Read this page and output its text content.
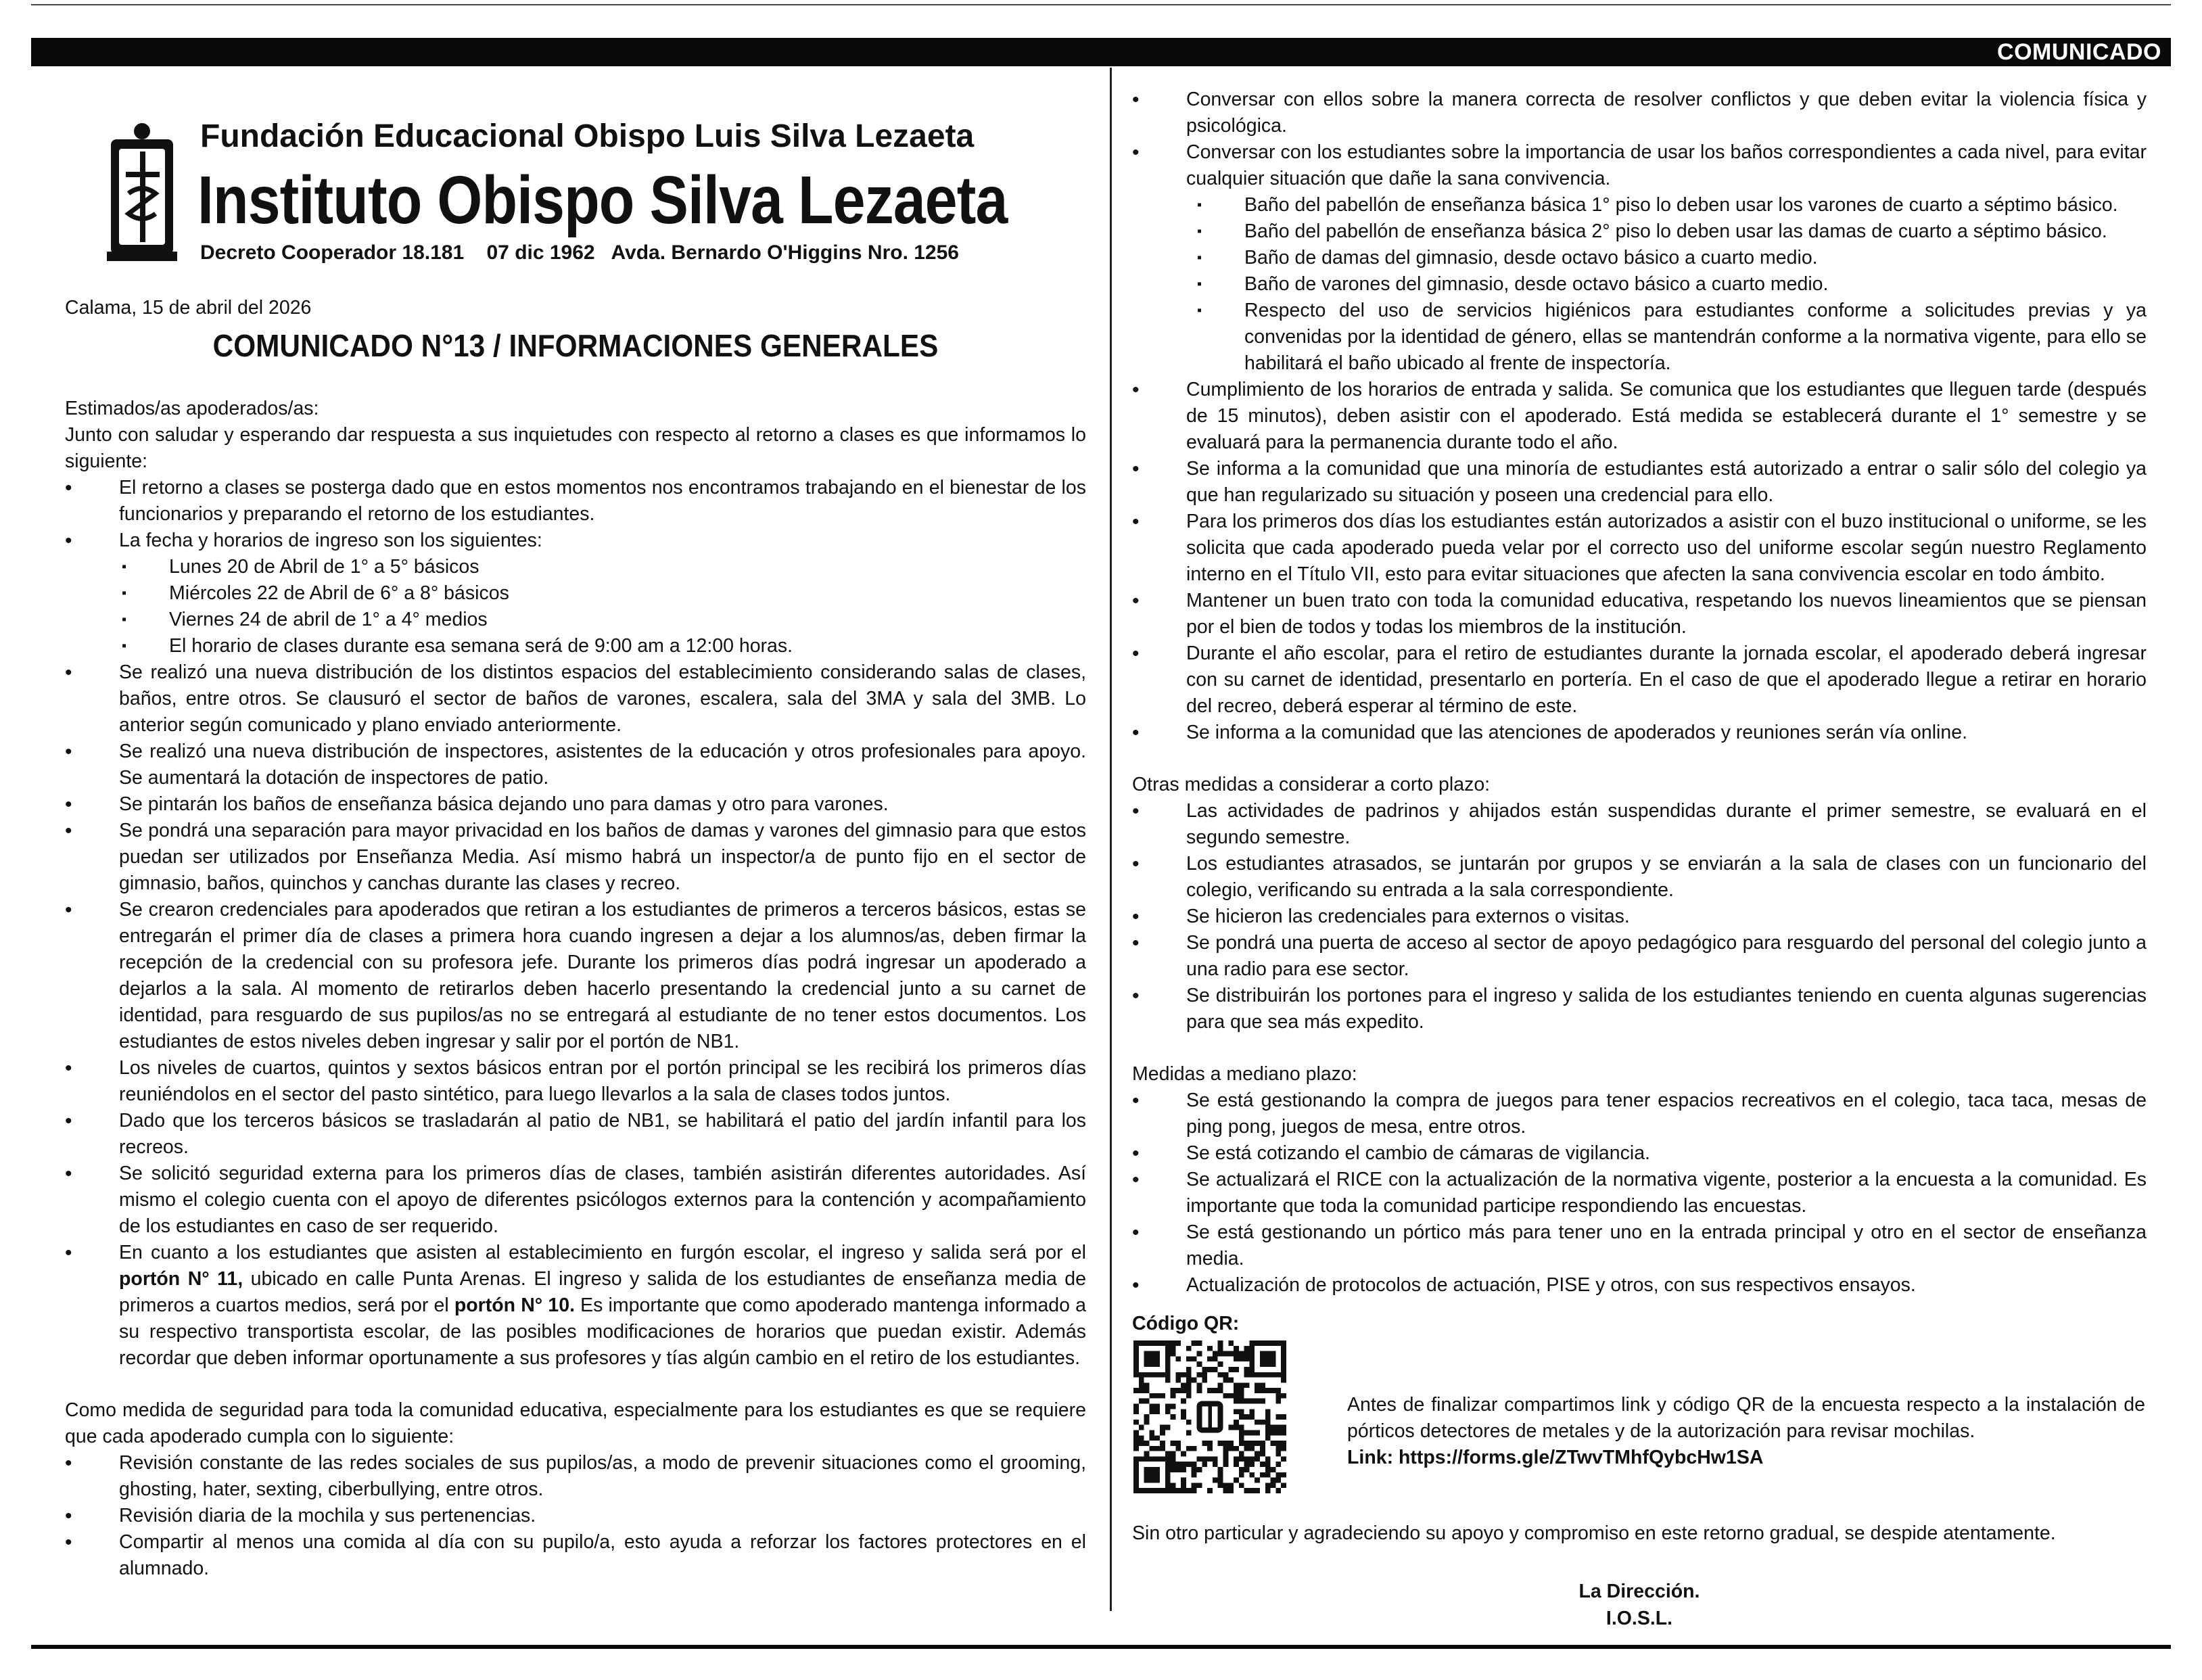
COMUNICADO
Fundación Educacional Obispo Luis Silva Lezaeta
Instituto Obispo Silva Lezaeta
Decreto Cooperador 18.181    07 dic 1962   Avda. Bernardo O'Higgins Nro. 1256

Calama, 15 de abril del 2026

COMUNICADO N°13 / INFORMACIONES GENERALES

Estimados/as apoderados/as:

Junto con saludar y esperando dar respuesta a sus inquietudes con respecto al retorno a clases es que informamos lo siguiente:

• El retorno a clases se posterga dado que en estos momentos nos encontramos trabajando en el bienestar de los funcionarios y preparando el retorno de los estudiantes.
• La fecha y horarios de ingreso son los siguientes:
▪ Lunes 20 de Abril de 1° a 5° básicos
▪ Miércoles 22 de Abril de 6° a 8° básicos
▪ Viernes 24 de abril de 1° a 4° medios
▪ El horario de clases durante esa semana será de 9:00 am a 12:00 horas.
• Se realizó una nueva distribución de los distintos espacios del establecimiento considerando salas de clases, baños, entre otros. Se clausuró el sector de baños de varones, escalera, sala del 3MA y sala del 3MB. Lo anterior según comunicado y plano enviado anteriormente.
• Se realizó una nueva distribución de inspectores, asistentes de la educación y otros profesionales para apoyo. Se aumentará la dotación de inspectores de patio.
• Se pintarán los baños de enseñanza básica dejando uno para damas y otro para varones.
• Se pondrá una separación para mayor privacidad en los baños de damas y varones del gimnasio para que estos puedan ser utilizados por Enseñanza Media. Así mismo habrá un inspector/a de punto fijo en el sector de gimnasio, baños, quinchos y canchas durante las clases y recreo.
• Se crearon credenciales para apoderados que retiran a los estudiantes de primeros a terceros básicos, estas se entregarán el primer día de clases a primera hora cuando ingresen a dejar a los alumnos/as, deben firmar la recepción de la credencial con su profesora jefe. Durante los primeros días podrá ingresar un apoderado a dejarlos a la sala. Al momento de retirarlos deben hacerlo presentando la credencial junto a su carnet de identidad, para resguardo de sus pupilos/as no se entregará al estudiante de no tener estos documentos. Los estudiantes de estos niveles deben ingresar y salir por el portón de NB1.
• Los niveles de cuartos, quintos y sextos básicos entran por el portón principal se les recibirá los primeros días reuniéndolos en el sector del pasto sintético, para luego llevarlos a la sala de clases todos juntos.
• Dado que los terceros básicos se trasladarán al patio de NB1, se habilitará el patio del jardín infantil para los recreos.
• Se solicitó seguridad externa para los primeros días de clases, también asistirán diferentes autoridades. Así mismo el colegio cuenta con el apoyo de diferentes psicólogos externos para la contención y acompañamiento de los estudiantes en caso de ser requerido.
• En cuanto a los estudiantes que asisten al establecimiento en furgón escolar, el ingreso y salida será por el portón N° 11, ubicado en calle Punta Arenas. El ingreso y salida de los estudiantes de enseñanza media de primeros a cuartos medios, será por el portón N° 10. Es importante que como apoderado mantenga informado a su respectivo transportista escolar, de las posibles modificaciones de horarios que puedan existir. Además recordar que deben informar oportunamente a sus profesores y tías algún cambio en el retiro de los estudiantes.

Como medida de seguridad para toda la comunidad educativa, especialmente para los estudiantes es que se requiere que cada apoderado cumpla con lo siguiente:

• Revisión constante de las redes sociales de sus pupilos/as, a modo de prevenir situaciones como el grooming, ghosting, hater, sexting, ciberbullying, entre otros.
• Revisión diaria de la mochila y sus pertenencias.
• Compartir al menos una comida al día con su pupilo/a, esto ayuda a reforzar los factores protectores en el alumnado.
• Conversar con ellos sobre la manera correcta de resolver conflictos y que deben evitar la violencia física y psicológica.
• Conversar con los estudiantes sobre la importancia de usar los baños correspondientes a cada nivel, para evitar cualquier situación que dañe la sana convivencia.
▪ Baño del pabellón de enseñanza básica 1° piso lo deben usar los varones de cuarto a séptimo básico.
▪ Baño del pabellón de enseñanza básica 2° piso lo deben usar las damas de cuarto a séptimo básico.
▪ Baño de damas del gimnasio, desde octavo básico a cuarto medio.
▪ Baño de varones del gimnasio, desde octavo básico a cuarto medio.
▪ Respecto del uso de servicios higiénicos para estudiantes conforme a solicitudes previas y ya convenidas por la identidad de género, ellas se mantendrán conforme a la normativa vigente, para ello se habilitará el baño ubicado al frente de inspectoría.
• Cumplimiento de los horarios de entrada y salida. Se comunica que los estudiantes que lleguen tarde (después de 15 minutos), deben asistir con el apoderado. Está medida se establecerá durante el 1° semestre y se evaluará para la permanencia durante todo el año.
• Se informa a la comunidad que una minoría de estudiantes está autorizado a entrar o salir sólo del colegio ya que han regularizado su situación y poseen una credencial para ello.
• Para los primeros dos días los estudiantes están autorizados a asistir con el buzo institucional o uniforme, se les solicita que cada apoderado pueda velar por el correcto uso del uniforme escolar según nuestro Reglamento interno en el Título VII, esto para evitar situaciones que afecten la sana convivencia escolar en todo ámbito.
• Mantener un buen trato con toda la comunidad educativa, respetando los nuevos lineamientos que se piensan por el bien de todos y todas los miembros de la institución.
• Durante el año escolar, para el retiro de estudiantes durante la jornada escolar, el apoderado deberá ingresar con su carnet de identidad, presentarlo en portería. En el caso de que el apoderado llegue a retirar en horario del recreo, deberá esperar al término de este.
• Se informa a la comunidad que las atenciones de apoderados y reuniones serán vía online.

Otras medidas a considerar a corto plazo:

• Las actividades de padrinos y ahijados están suspendidas durante el primer semestre, se evaluará en el segundo semestre.
• Los estudiantes atrasados, se juntarán por grupos y se enviarán a la sala de clases con un funcionario del colegio, verificando su entrada a la sala correspondiente.
• Se hicieron las credenciales para externos o visitas.
• Se pondrá una puerta de acceso al sector de apoyo pedagógico para resguardo del personal del colegio junto a una radio para ese sector.
• Se distribuirán los portones para el ingreso y salida de los estudiantes teniendo en cuenta algunas sugerencias para que sea más expedito.

Medidas a mediano plazo:

• Se está gestionando la compra de juegos para tener espacios recreativos en el colegio, taca taca, mesas de ping pong, juegos de mesa, entre otros.
• Se está cotizando el cambio de cámaras de vigilancia.
• Se actualizará el RICE con la actualización de la normativa vigente, posterior a la encuesta a la comunidad. Es importante que toda la comunidad participe respondiendo las encuestas.
• Se está gestionando un pórtico más para tener uno en la entrada principal y otro en el sector de enseñanza media.
• Actualización de protocolos de actuación, PISE y otros, con sus respectivos ensayos.
Código QR:

Antes de finalizar compartimos link y código QR de la encuesta respecto a la instalación de pórticos detectores de metales y de la autorización para revisar mochilas.

Link: https://forms.gle/ZTwvTMhfQybcHw1SA

Sin otro particular y agradeciendo su apoyo y compromiso en este retorno gradual, se despide atentamente.

La Dirección.
I.O.S.L.
